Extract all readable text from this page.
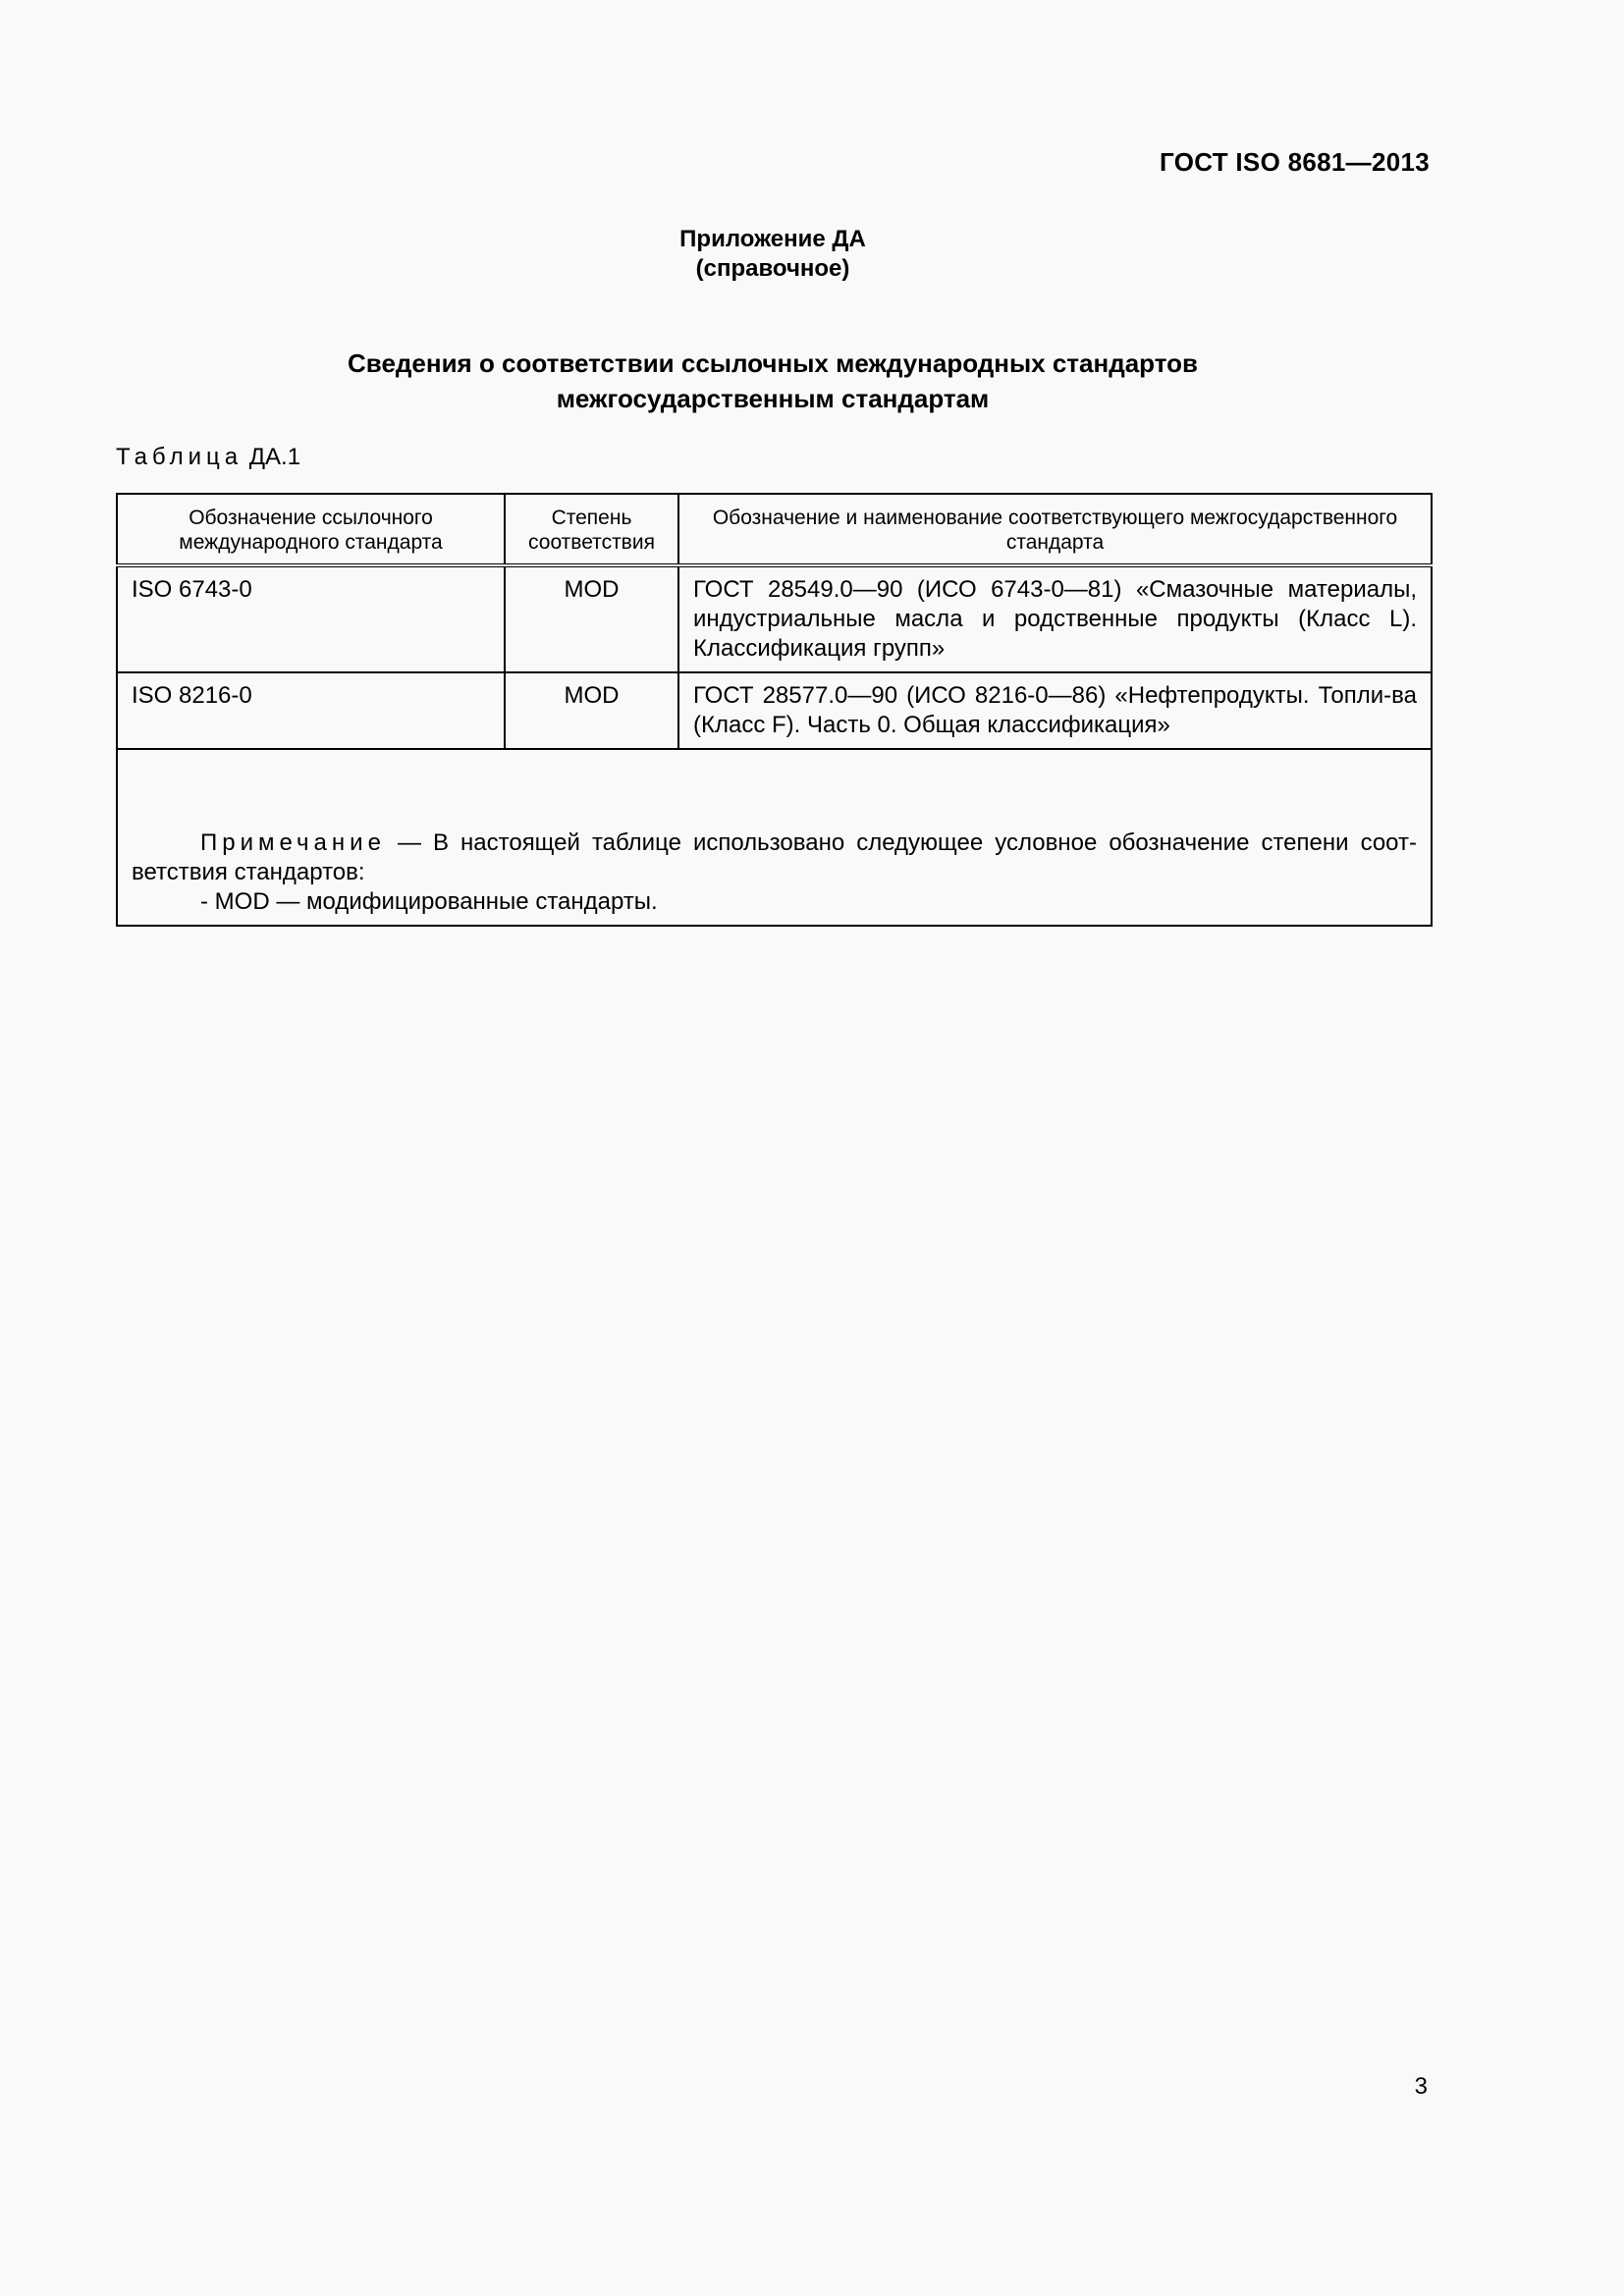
ГОСТ ISO 8681—2013
Приложение ДА
(справочное)
Сведения о соответствии ссылочных международных стандартов
межгосударственным стандартам
Таблица ДА.1
Обозначение ссылочного международного стандарта	Степень соответствия	Обозначение и наименование соответствующего межгосударственного стандарта
ISO 6743-0	MOD	ГОСТ 28549.0—90 (ИСО 6743-0—81) «Смазочные материалы, индустриальные масла и родственные продукты (Класс L). Классификация групп»
ISO 8216-0	MOD	ГОСТ 28577.0—90 (ИСО 8216-0—86) «Нефтепродукты. Топли-ва (Класс F). Часть 0. Общая классификация»

Примечание — В настоящей таблице использовано следующее условное обозначение степени соот-ветствия стандартов:
- MOD — модифицированные стандарты.		
3
